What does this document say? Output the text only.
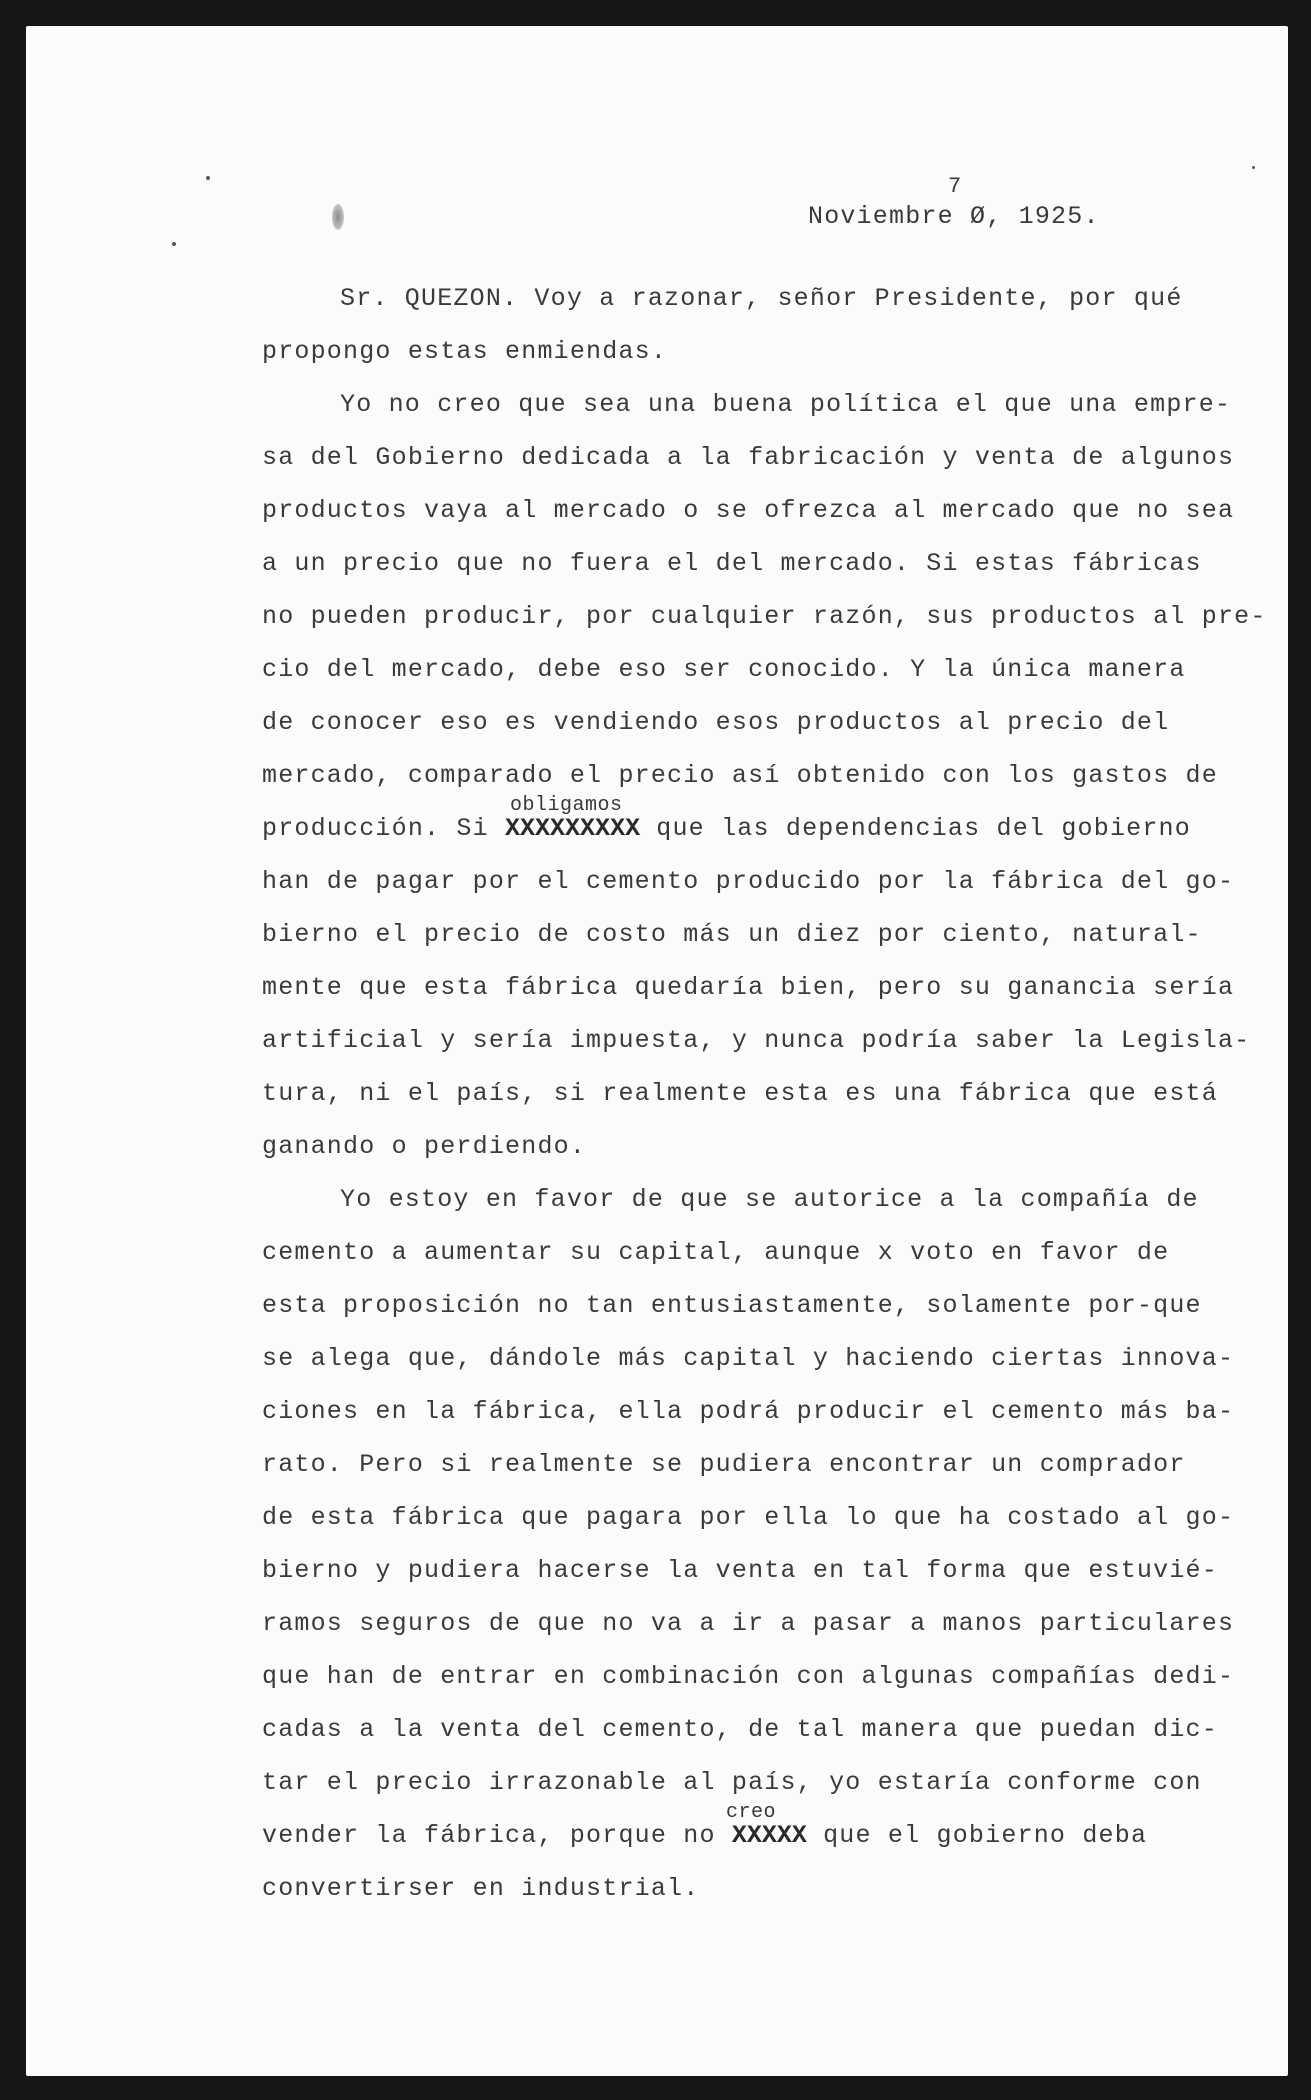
7
Noviembre Ø, 1925.
Sr. QUEZON. Voy a razonar, señor Presidente, por qué
propongo estas enmiendas.
Yo no creo que sea una buena política el que una empre-
sa del Gobierno dedicada a la fabricación y venta de algunos
productos vaya al mercado o se ofrezca al mercado que no sea
a un precio que no fuera el del mercado. Si estas fábricas
no pueden producir, por cualquier razón, sus productos al pre-
cio del mercado, debe eso ser conocido. Y la única manera
de conocer eso es vendiendo esos productos al precio del
mercado, comparado el precio así obtenido con los gastos de
obligamos
producción. Si XXXXXXXXX que las dependencias del gobierno
han de pagar por el cemento producido por la fábrica del go-
bierno el precio de costo más un diez por ciento, natural-
mente que esta fábrica quedaría bien, pero su ganancia sería
artificial y sería impuesta, y nunca podría saber la Legisla-
tura, ni el país, si realmente esta es una fábrica que está
ganando o perdiendo.
Yo estoy en favor de que se autorice a la compañía de
cemento a aumentar su capital, aunque x voto en favor de
esta proposición no tan entusiastamente, solamente por-que
se alega que, dándole más capital y haciendo ciertas innova-
ciones en la fábrica, ella podrá producir el cemento más ba-
rato. Pero si realmente se pudiera encontrar un comprador
de esta fábrica que pagara por ella lo que ha costado al go-
bierno y pudiera hacerse la venta en tal forma que estuvié-
ramos seguros de que no va a ir a pasar a manos particulares
que han de entrar en combinación con algunas compañías dedi-
cadas a la venta del cemento, de tal manera que puedan dic-
tar el precio irrazonable al país, yo estaría conforme con
creo
vender la fábrica, porque no XXXXX que el gobierno deba
convertirser en industrial.
